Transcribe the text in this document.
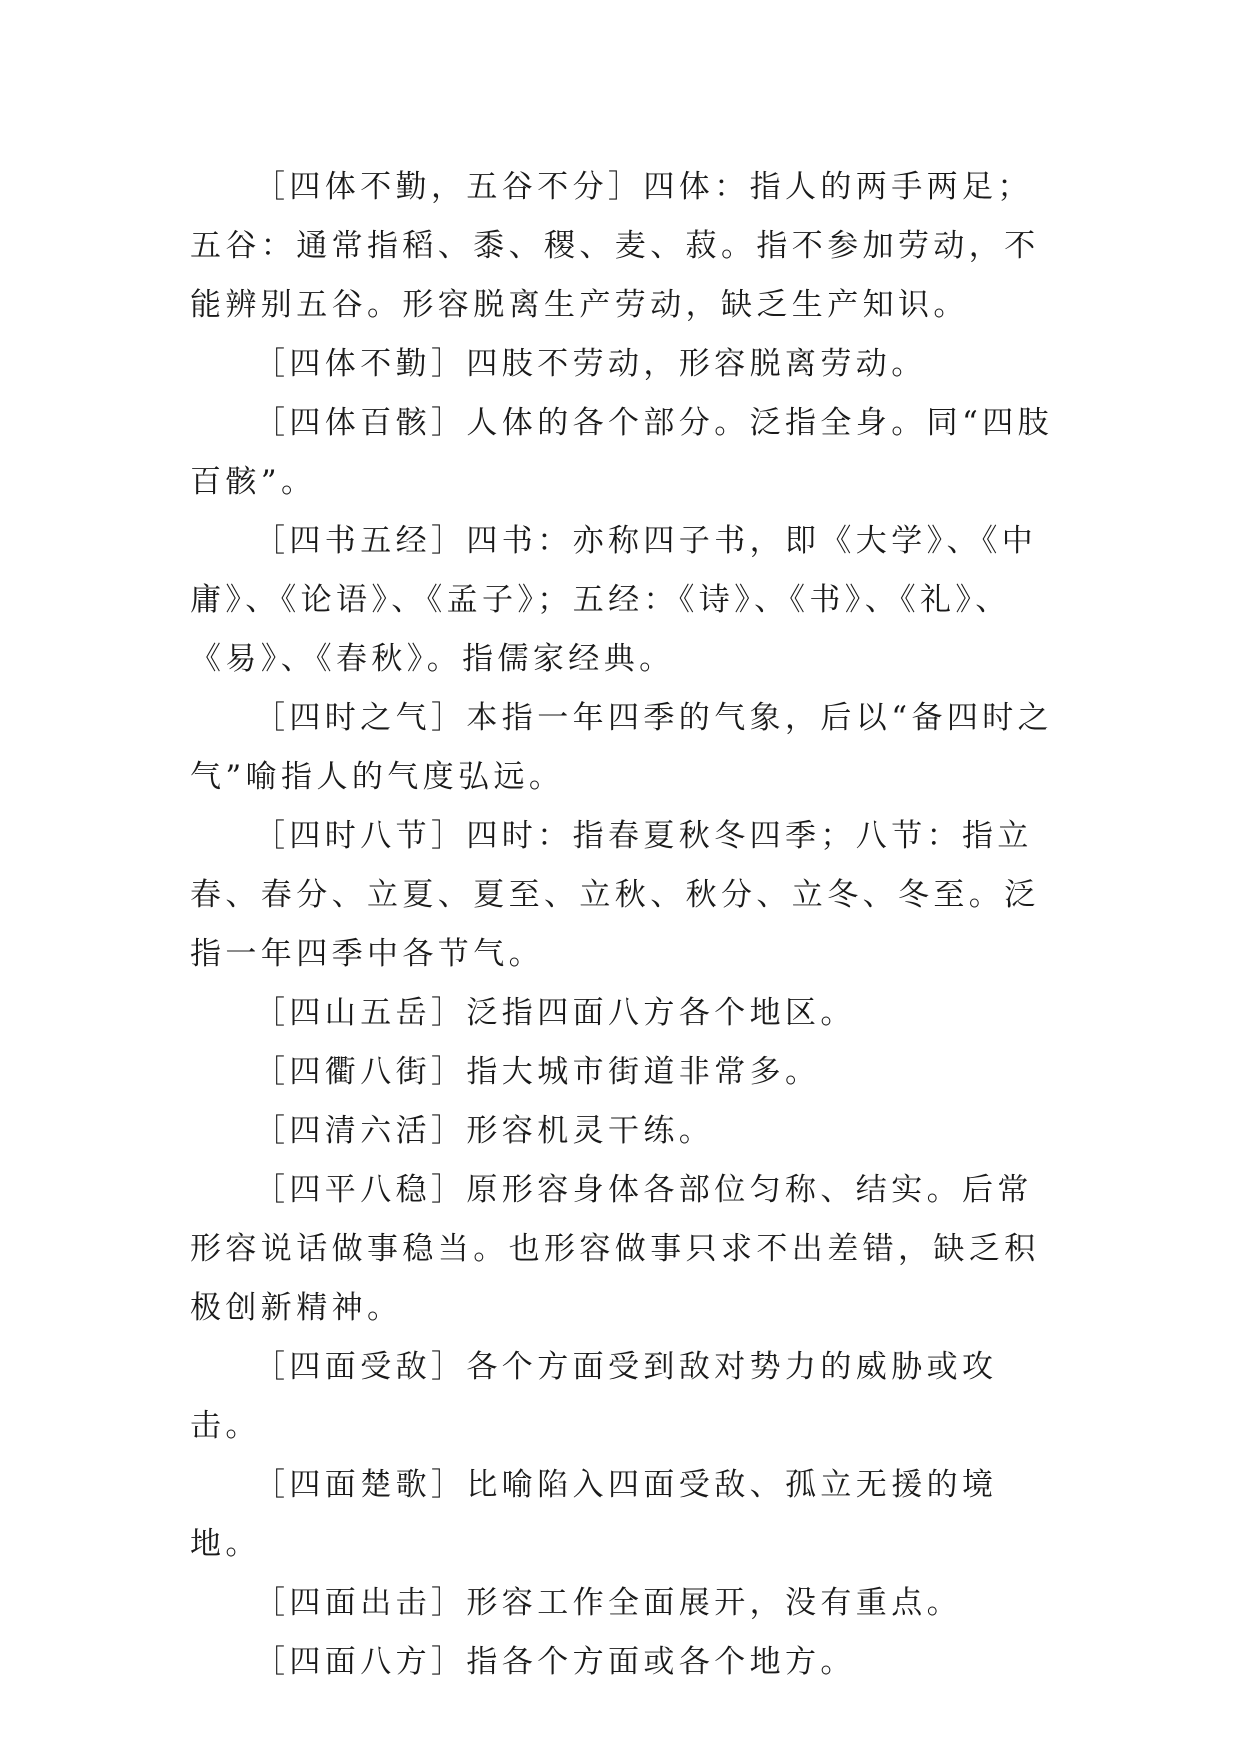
［四体不勤，五谷不分］四体：指人的两手两足；五谷：通常指稻、黍、稷、麦、菽。指不参加劳动，不能辨别五谷。形容脱离生产劳动，缺乏生产知识。

［四体不勤］四肢不劳动，形容脱离劳动。

［四体百骸］人体的各个部分。泛指全身。同“四肢百骸”。

［四书五经］四书：亦称四子书，即《大学》、《中庸》、《论语》、《孟子》；五经：《诗》、《书》、《礼》、《易》、《春秋》。指儒家经典。

［四时之气］本指一年四季的气象，后以“备四时之气”喻指人的气度弘远。

［四时八节］四时：指春夏秋冬四季；八节：指立春、春分、立夏、夏至、立秋、秋分、立冬、冬至。泛指一年四季中各节气。

［四山五岳］泛指四面八方各个地区。

［四衢八街］指大城市街道非常多。

［四清六活］形容机灵干练。

［四平八稳］原形容身体各部位匀称、结实。后常形容说话做事稳当。也形容做事只求不出差错，缺乏积极创新精神。

［四面受敌］各个方面受到敌对势力的威胁或攻击。

［四面楚歌］比喻陷入四面受敌、孤立无援的境地。

［四面出击］形容工作全面展开，没有重点。

［四面八方］指各个方面或各个地方。
